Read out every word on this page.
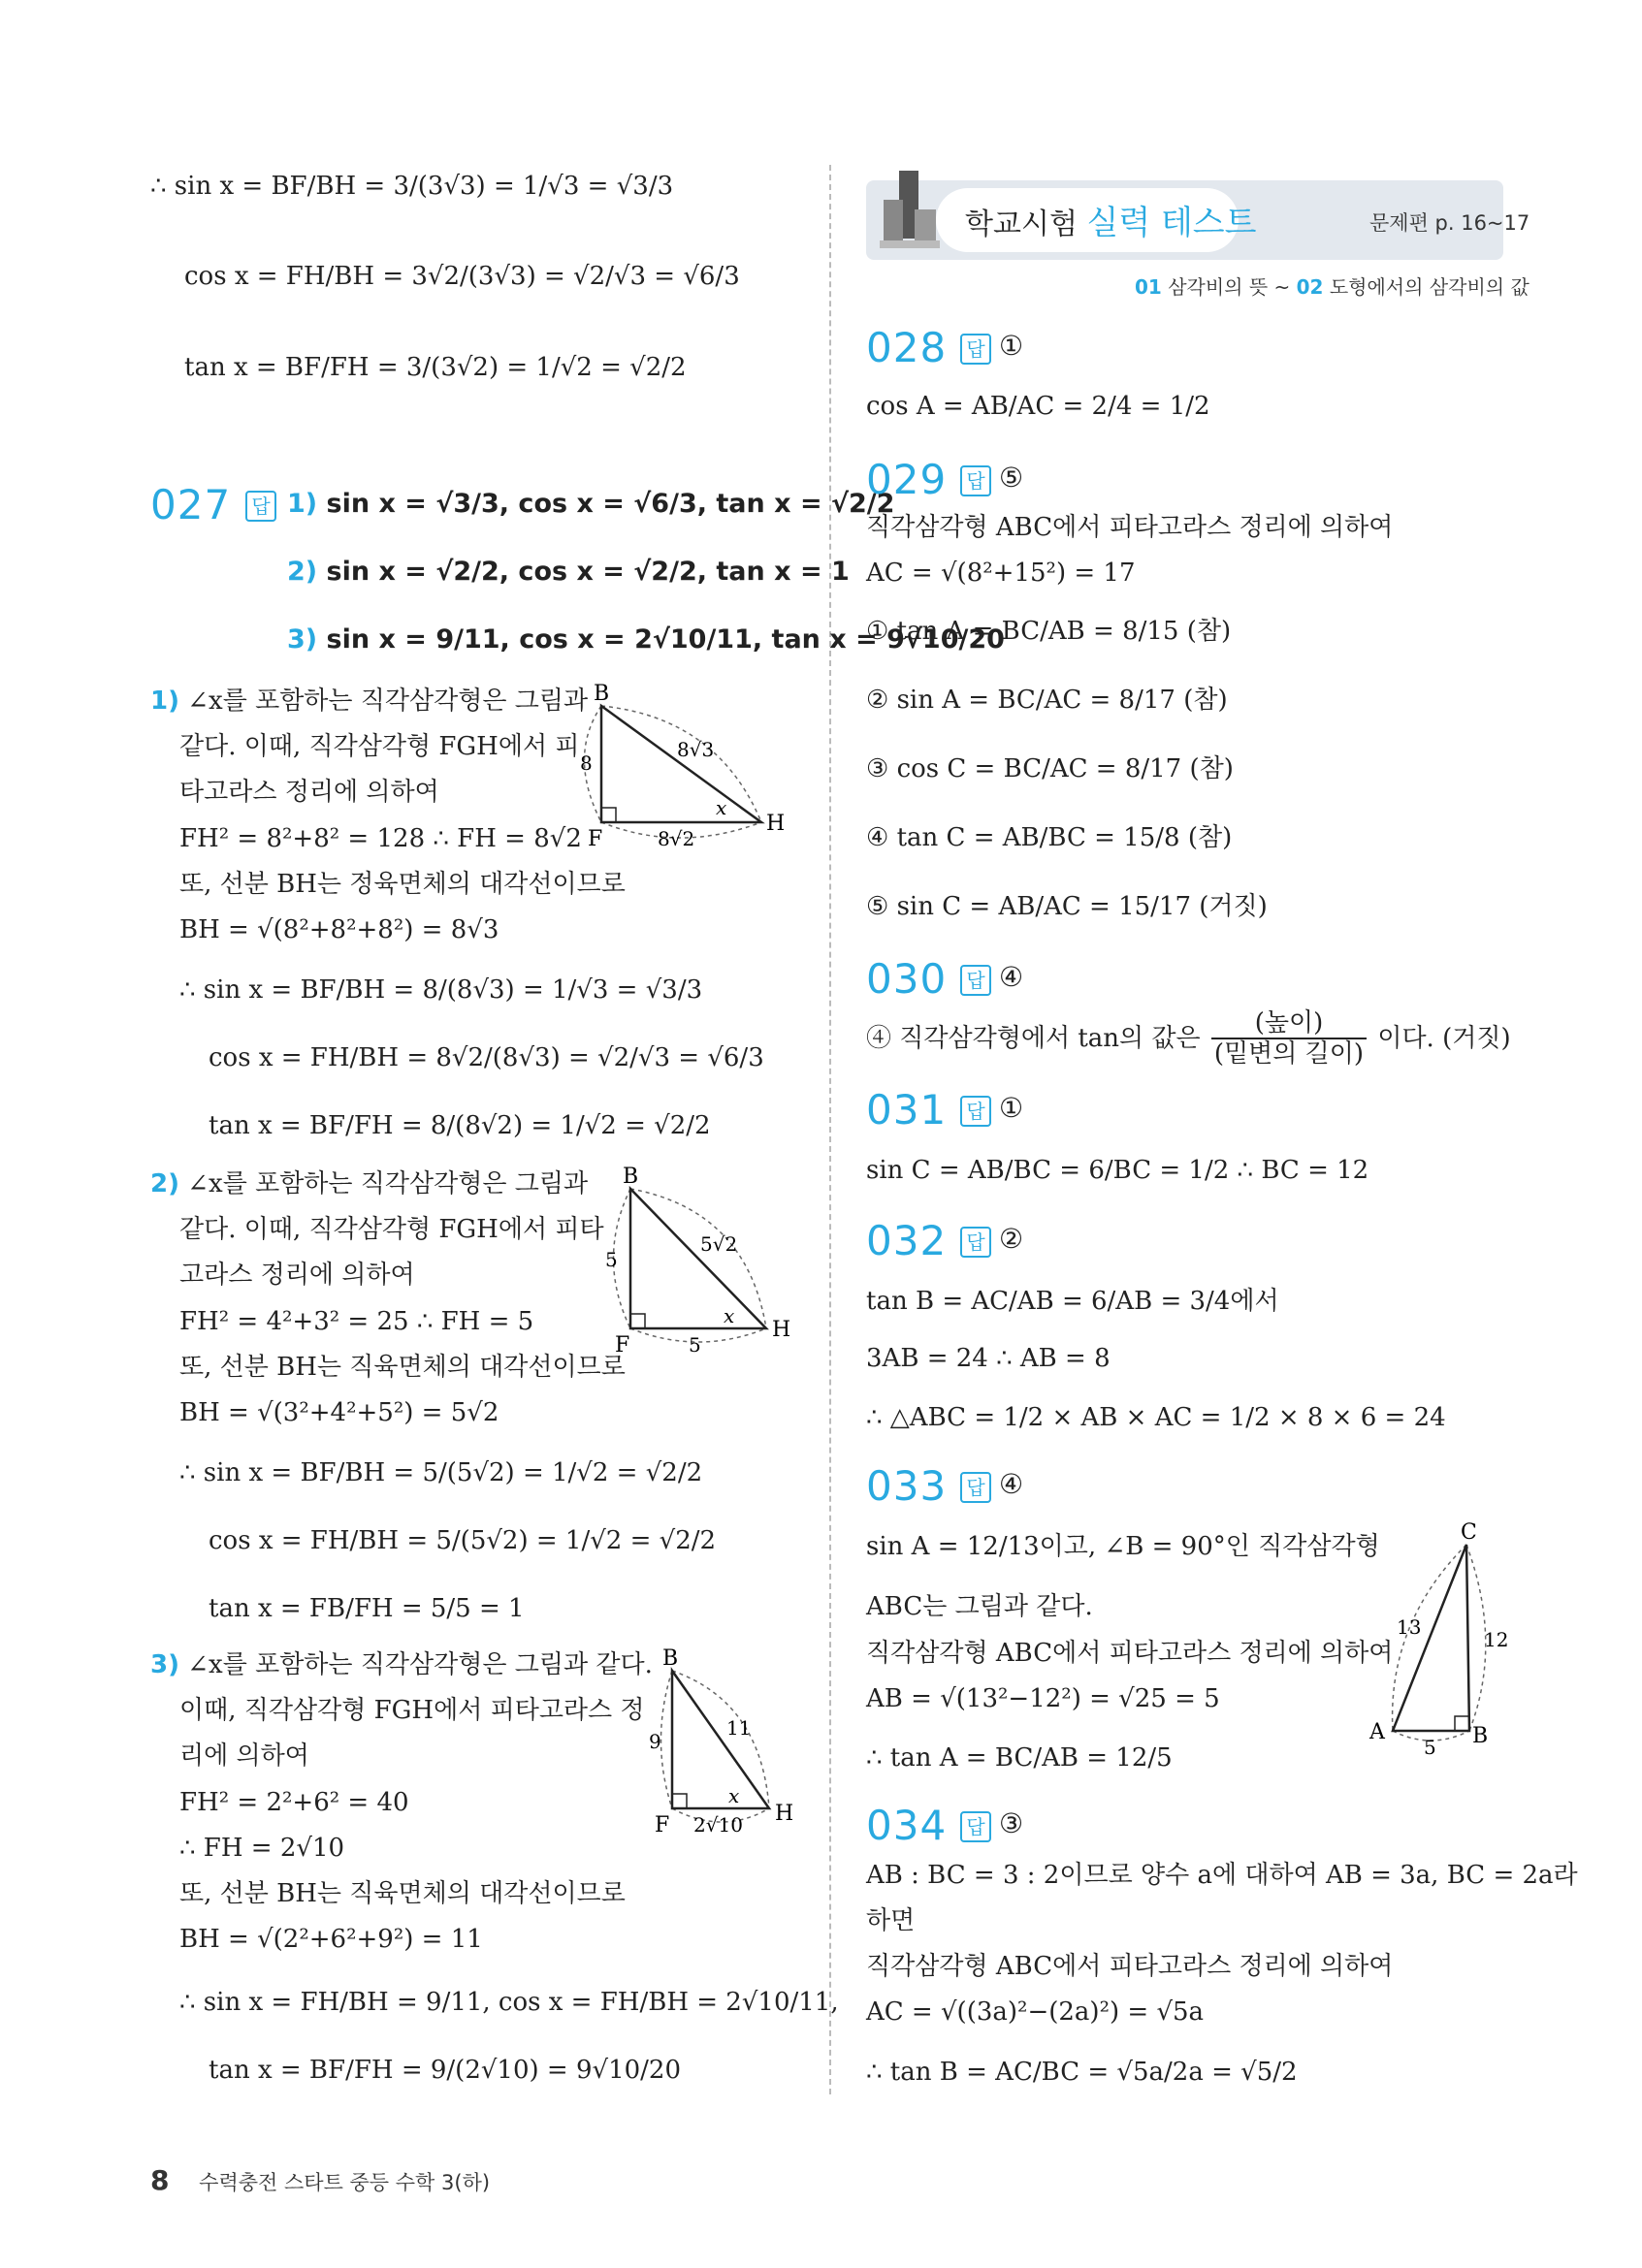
∴ sin x = BF/BH = 3/(3√3) = 1/√3 = √3/3
cos x = FH/BH = 3√2/(3√3) = √2/√3 = √6/3
tan x = BF/FH = 3/(3√2) = 1/√2 = √2/2
027	답 1) sin x = √3/3, cos x = √6/3, tan x = √2/2
2) sin x = √2/2, cos x = √2/2, tan x = 1
3) sin x = 9/11, cos x = 2√10/11, tan x = 9√10/20
1) ∠x를 포함하는 직각삼각형은 그림과
같다. 이때, 직각삼각형 FGH에서 피
타고라스 정리에 의하여
FH² = 8²+8² = 128 ∴ FH = 8√2
또, 선분 BH는 정육면체의 대각선이므로
BH = √(8²+8²+8²) = 8√3
∴ sin x = BF/BH = 8/(8√3) = 1/√3 = √3/3
cos x = FH/BH = 8√2/(8√3) = √2/√3 = √6/3
tan x = BF/FH = 8/(8√2) = 1/√2 = √2/2
B
F
H
x
8
8√3
8√2
2) ∠x를 포함하는 직각삼각형은 그림과
같다. 이때, 직각삼각형 FGH에서 피타
고라스 정리에 의하여
FH² = 4²+3² = 25 ∴ FH = 5
또, 선분 BH는 직육면체의 대각선이므로
BH = √(3²+4²+5²) = 5√2
∴ sin x = BF/BH = 5/(5√2) = 1/√2 = √2/2
cos x = FH/BH = 5/(5√2) = 1/√2 = √2/2
tan x = FB/FH = 5/5 = 1
B
F
H
x
5
5√2
5
3) ∠x를 포함하는 직각삼각형은 그림과 같다.
이때, 직각삼각형 FGH에서 피타고라스 정
리에 의하여
FH² = 2²+6² = 40
∴ FH = 2√10
또, 선분 BH는 직육면체의 대각선이므로
BH = √(2²+6²+9²) = 11
∴ sin x = FH/BH = 9/11, cos x = FH/BH = 2√10/11,
tan x = BF/FH = 9/(2√10) = 9√10/20
B
F	H
x
9
11
2√10
학교시험 실력 테스트	문제편 p. 16~17
01 삼각비의 뜻 ~ 02 도형에서의 삼각비의 값
028	답 ①
cos A = AB/AC = 2/4 = 1/2
029	답 ⑤
직각삼각형 ABC에서 피타고라스 정리에 의하여
AC = √(8²+15²) = 17
① tan A = BC/AB = 8/15 (참)
② sin A = BC/AC = 8/17 (참)
③ cos C = BC/AC = 8/17 (참)
④ tan C = AB/BC = 15/8 (참)
⑤ sin C = AB/AC = 15/17 (거짓)
030	답 ④
④ 직각삼각형에서 tan의 값은 $\frac{\text{(높이)}}{\text{(밑변의 길이)}}$ 이다. (거짓)
031	답 ①
sin C = AB/BC = 6/BC = 1/2 ∴ BC = 12
032	답 ②
tan B = AC/AB = 6/AB = 3/4에서
3AB = 24 ∴ AB = 8
∴ △ABC = 1/2 × AB × AC = 1/2 × 8 × 6 = 24
033	답 ④
sin A = 12/13이고, ∠B = 90°인 직각삼각형
ABC는 그림과 같다.
직각삼각형 ABC에서 피타고라스 정리에 의하여
AB = √(13²−12²) = √25 = 5
∴ tan A = BC/AB = 12/5
C
A	B
13
12
5
034	답 ③
AB : BC = 3 : 2이므로 양수 a에 대하여 AB = 3a, BC = 2a라
하면
직각삼각형 ABC에서 피타고라스 정리에 의하여
AC = √((3a)²−(2a)²) = √5a
∴ tan B = AC/BC = √5a/2a = √5/2
8 수력충전 스타트 중등 수학 3(하)
